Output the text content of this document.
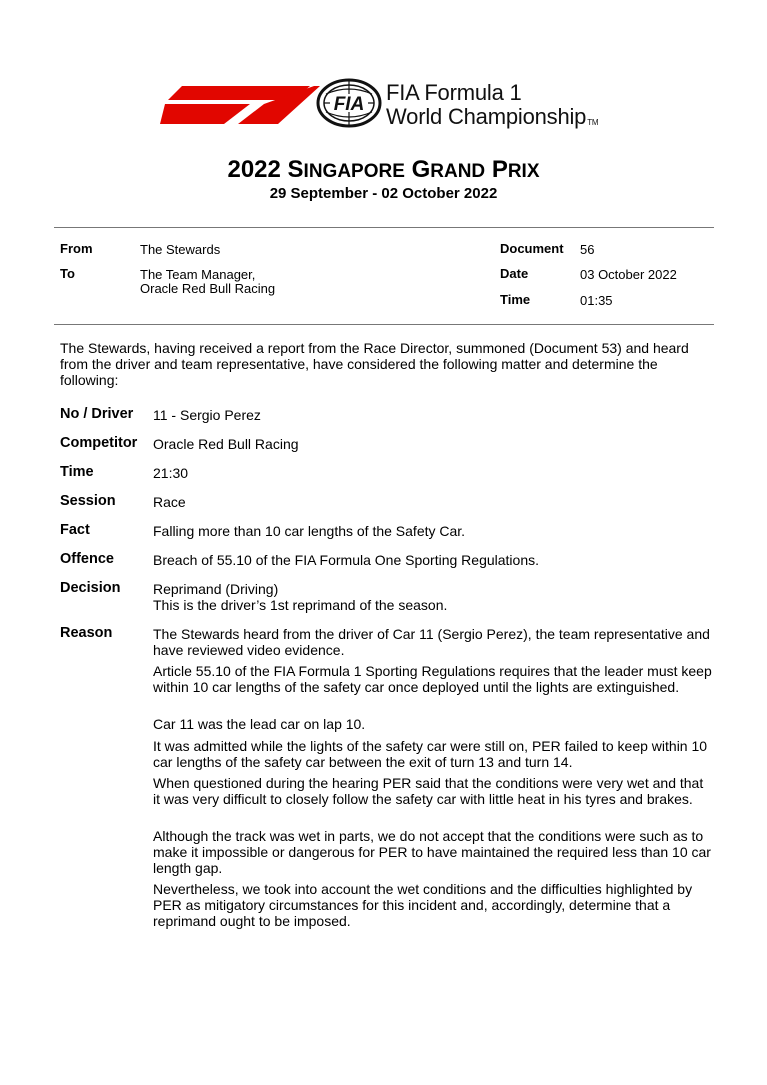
FIA FIA Formula 1
World ChampionshipTM
2022 SINGAPORE GRAND PRIX
29 September - 02 October 2022
From	The Stewards
To	The Team Manager,
Oracle Red Bull Racing
Document 56
Date	03 October 2022
Time	01:35
The Stewards, having received a report from the Race Director, summoned (Document 53) and heard from the driver and team representative, have considered the following matter and determine the following:
No / Driver 11 - Sergio Perez
Competitor Oracle Red Bull Racing
Time	21:30
Session	Race
Fact	Falling more than 10 car lengths of the Safety Car.
Offence	Breach of 55.10 of the FIA Formula One Sporting Regulations.
Decision Reprimand (Driving)
This is the driver’s 1st reprimand of the season.
Reason	The Stewards heard from the driver of Car 11 (Sergio Perez), the team representative and have reviewed video evidence.
Article 55.10 of the FIA Formula 1 Sporting Regulations requires that the leader must keep within 10 car lengths of the safety car once deployed until the lights are extinguished.
Car 11 was the lead car on lap 10.
It was admitted while the lights of the safety car were still on, PER failed to keep within 10 car lengths of the safety car between the exit of turn 13 and turn 14.
When questioned during the hearing PER said that the conditions were very wet and that it was very difficult to closely follow the safety car with little heat in his tyres and brakes.
Although the track was wet in parts, we do not accept that the conditions were such as to make it impossible or dangerous for PER to have maintained the required less than 10 car length gap.
Nevertheless, we took into account the wet conditions and the difficulties highlighted by PER as mitigatory circumstances for this incident and, accordingly, determine that a reprimand ought to be imposed.
